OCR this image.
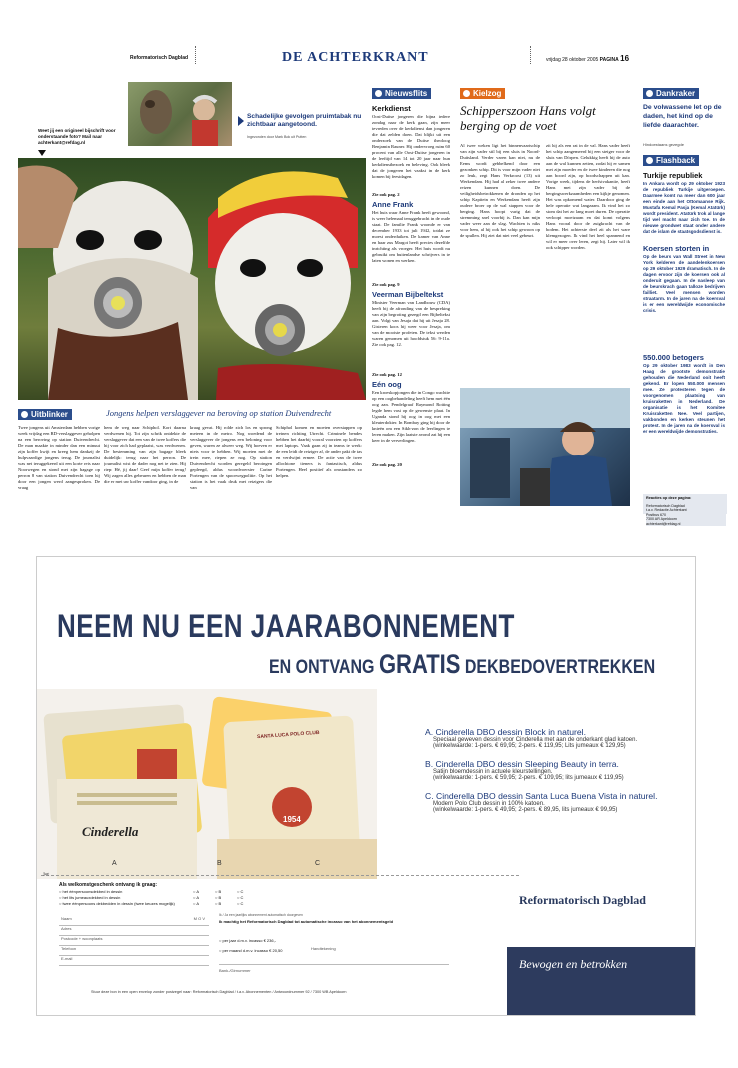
Reformatorisch Dagblad	DE ACHTERKRANT	vrijdag 28 oktober 2005 PAGINA 16
Weet jij een origineel bijschrift voor onderstaande foto? Mail naar achterkant@refdag.nl
Schadelijke gevolgen pruimtabak nu zichtbaar aangetoond.
Ingezonden door Mark Bok uit Putten
Uitblinker	Jongens helpen verslaggever na beroving op station Duivendrecht
Twee jongens uit Amsterdam hebben vorige week vrijdag een RD-verslaggever geholpen na een beroving op station Duivendrecht. De man maakte in minder dan een minuut zijn koffer kwijt en kreeg hem dankzij de hulpvaardige jongens terug. De journalist was net teruggekeerd uit een korte reis naar Noorwegen en stond met zijn bagage op perron 8 van station Duivendrecht toen hij door een jongen werd aangesproken. De vraag
hem de weg naar Schiphol. Kort daarna verdwenen hij. Tot zijn schrik ontdekte de verslaggever dat een van de twee koffers die hij voor zich had geplaatst, was verdwenen. De bestemming van zijn bagage bleek duidelijk: terug naar het perron. De journalist wist de dader nog net te zien. Hij riep: Hé, jij daar! Geef mijn koffer terug! Wij zagen alles gebeuren en hebben de man die er met uw koffer vandoor ging, in de
kraag gevat. Hij rolde zich los en sprong meteen in de metro. Nog woedend de verslaggever de jongens een beloning voor geven, waren ze alweer weg. Wij hoeven er niets voor te hebben. Wij moeten met de trein mee, riepen ze nog. Op station Duivendrecht worden geregeld beroingen gepleegd, aldus woordvoerster Carine Portengen van de spoorwegpolitie. Op het station is het vaak druk met reizigers die van
Schiphol komen en moeten overstappen op treinen richting Utrecht. Criminele bendes hebben het daarbij vooral voorzien op koffers met laptops. Vaak gaan zij in teams te werk: de een leidt de reiziger af, de ander pakt de tas en verdwijnt ermee. De actie van de twee allochtone tieners is fantastisch, aldus Portengen. Heel positief als omstanders zo helpen.
Nieuwsflits
Kerkdienst
Oost-Duitse jongeren die bijna iedere zondag naar de kerk gaan, zijn meer tevreden over de kerkdienst dan jongeren die dat zelden doen. Dat blijkt uit een onderzoek van de Duitse theoloog Benjamin Rauner. Hij ondervroeg ruim 60 procent van alle Oost-Duitse jongeren in de leeftijd van 14 tot 20 jaar naar hun kerkdienstbezoek en beleving. Ook bleek dat de jongeren het vaakst in de kerk komen bij feestdagen.
Zie ook pag. 2
Anne Frank
Het huis waar Anne Frank heeft gewoond, is weer helemaal teruggebracht in de oude staat. De familie Frank woonde er van december 1933 tot juli 1942, totdat ze moest onderduiken. De kamer van Anne en haar zus Margot heeft precies dezelfde inrichting als vroeger. Het huis wordt nu gebruikt om buitenlandse schrijvers in te laten wonen en werken.
Zie ook pag. 9
Veerman Bijbeltekst
Minister Veerman van Landbouw (CDA) heeft bij de afronding van de bespreking van zijn begroting gezegd een Bijbeltekst aan. Volgt van Jesaja dat hij uit Jesaja 28. Gisteren koos hij weer voor Jesaja, om van de mooiste profeten. De tekst werden waren genomen uit hoofdstuk 56: 9-11a. Zie ook pag. 12.
Zie ook pag. 12
Eén oog
Een kroeskopjongen die in Congo wachtte op een oogbehandeling heeft hem met één oog aan. Pendelgraaf Raymond Rotting legde hem vast op de gewenste plaat. In Uganda stond hij oog in oog met een kleuterdokter. In Bombay ging hij door de knieën om een Sikh-zon de leerlingen te leren maken. Zijn laatste avond zat hij een keer in de ververlingen.
Zie ook pag. 20
Kielzog
Schipperszoon Hans volgt berging op de voet
Al twee weken ligt het binnenvaartschip van zijn vader stil bij een sluis in Noord-Duitsland. Verder varen kan niet, nu de Eems wordt gebbelkend door een gezonken schip. Dit is voor mijn vader niet zo leuk, zegt Hans Verkroost (13) uit Werkendam. Hij had al zeker twee andere reizen kunnen doen. De veiligheidsbetrokkenen de dronden op het schip Kapitein en Werkendam heeft zijn oudere broer op de wal stappen voor de berging. Hans hoopt vurig dat de stremming snel voorbij is. Dan kan mijn vader weer aan de slag. Wachten is niks voor hem, al hij ook het schip gewoon op de spullen. Hij ziet dat niet veel gebeurt.
zit hij als een rat in de val. Hans vader heeft het schip aangemeerd bij een steiger voor de sluis van Dörpen. Gelukkig heeft hij de auto aan de wal kunnen zetten, zodat hij er samen met zijn moeder en de twee kinderen die nog aan boord zijn, op boodschappen uit kan. Vorige week, tijdens de herfstvakantie, heeft Hans met zijn vader bij de bergingswerkzaamheden een kijkje genomen. Het was opkomend water. Daardoor ging de hele operatie wat langzaam. Ik vind het zo stom dat het zo lang moet duren. De operatie verloopt moeizaam en dat komt volgens Hans vooral door de zuigkracht van de bodem. Het achterste deel zit als het ware klemgezogen. Ik vind het heel spannend en wil er meer over leren, zegt hij. Later wil ik ook schipper worden.
Dankraker
De volwassene let op de daden, het kind op de liefde daarachter.
Hindoestaans gezegde
Flashback
Turkije republiek
In Ankara wordt op 29 oktober 1923 de republiek Turkije uitgeroepen. Daarmee komt na meer dan 600 jaar een einde aan het Ottomaanse Rijk. Mustafa Kemal Pasja (Kemal Atatürk) wordt president. Atatürk trok al lange tijd wel macht naar zich toe. In de nieuwe grondwet staat onder andere dat de islam de staatsgodsdienst is.
Koersen storten in
Op de beurs van Wall Street in New York kelderen de aandelenkoersen op 29 oktober 1929 dramatisch. In de dagen ervoor zijn de koersen ook al onderuit gegaan. In de nasleep van de beurskrach gaan talloze bedrijven failliet. Veel mensen worden straatarm. In de jaren na de koersval is er een wereldwijde economische crisis.
550.000 betogers
Op 29 oktober 1983 wordt in Den Haag de grootste demonstratie gehouden die Nederland ooit heeft gekend. Er lopen 550.000 mensen mee. Ze protesteren tegen de voorgenomen plaatsing van kruisraketten in Nederland. De organisatie is het Komitee Kruisraketten Nee. Veel partijen, vakbonden en kerken steunen het protest. In de jaren na de koersval is er een wereldwijde demonstraties.
Reacties op deze pagina:
Reformatorisch Dagblad
t.a.v. Redactie Achterkant
Postbus 670
7300 AR Apeldoorn
achterkant@refdag.nl
NEEM NU EEN JAARABONNEMENT
EN ONTVANG GRATIS DEKBEDOVERTREKKEN
Cinderella
SANTA LUCA POLO CLUB
1954
A	B	C
A. Cinderella DBO dessin Block in naturel.
Speciaal geweven dessin voor Cinderella met aan de onderkant glad katoen.
(winkelwaarde: 1-pers. € 69,95; 2-pers. € 119,95; Lits jumeaux € 129,95)
B. Cinderella DBO dessin Sleeping Beauty in terra.
Satijn bloemdessin in actuele kleurstellingen.
(winkelwaarde: 1-pers. € 59,95; 2-pers. € 109,95; lits jumeaux € 119,95)
C. Cinderella DBO dessin Santa Luca Buena Vista in naturel.
Modern Polo Club dessin in 100% katoen.
(winkelwaarde: 1-pers. € 49,95; 2-pers. € 89,95, lits jumeaux € 99,95)
✂
Als welkomstgeschenk ontvang ik graag:
○ het éénpersoonsdekbed in dessin
○ het lits jumeauxdekbed in dessin
○ twee éénpersoons dekbedden in dessin (twee keuzes mogelijk)
○ A	○ B	○ C
○ A	○ B	○ C
○ A	○ B	○ C
Naam	M O V
Adres
Postcode + woonplaats
Telefoon
E-mail
Ik / Ja een jaarlijks abonnement automatisch doorgeven
Ik machtig het Reformatorisch Dagblad tot automatische incasso van het abonnementsgeld
○ per jaar d.m.v. incasso € 236,-
○ per maand d.m.v. incasso € 20,50	Handtekening
Bank-/Girnummer
Stuur deze bon in een open envelop zonder postzegel naar: Reformatorisch Dagblad / t.a.v. Abonnementen / Antwoordnummer 92 / 7300 WB Apeldoorn
Reformatorisch Dagblad
Bewogen en betrokken
